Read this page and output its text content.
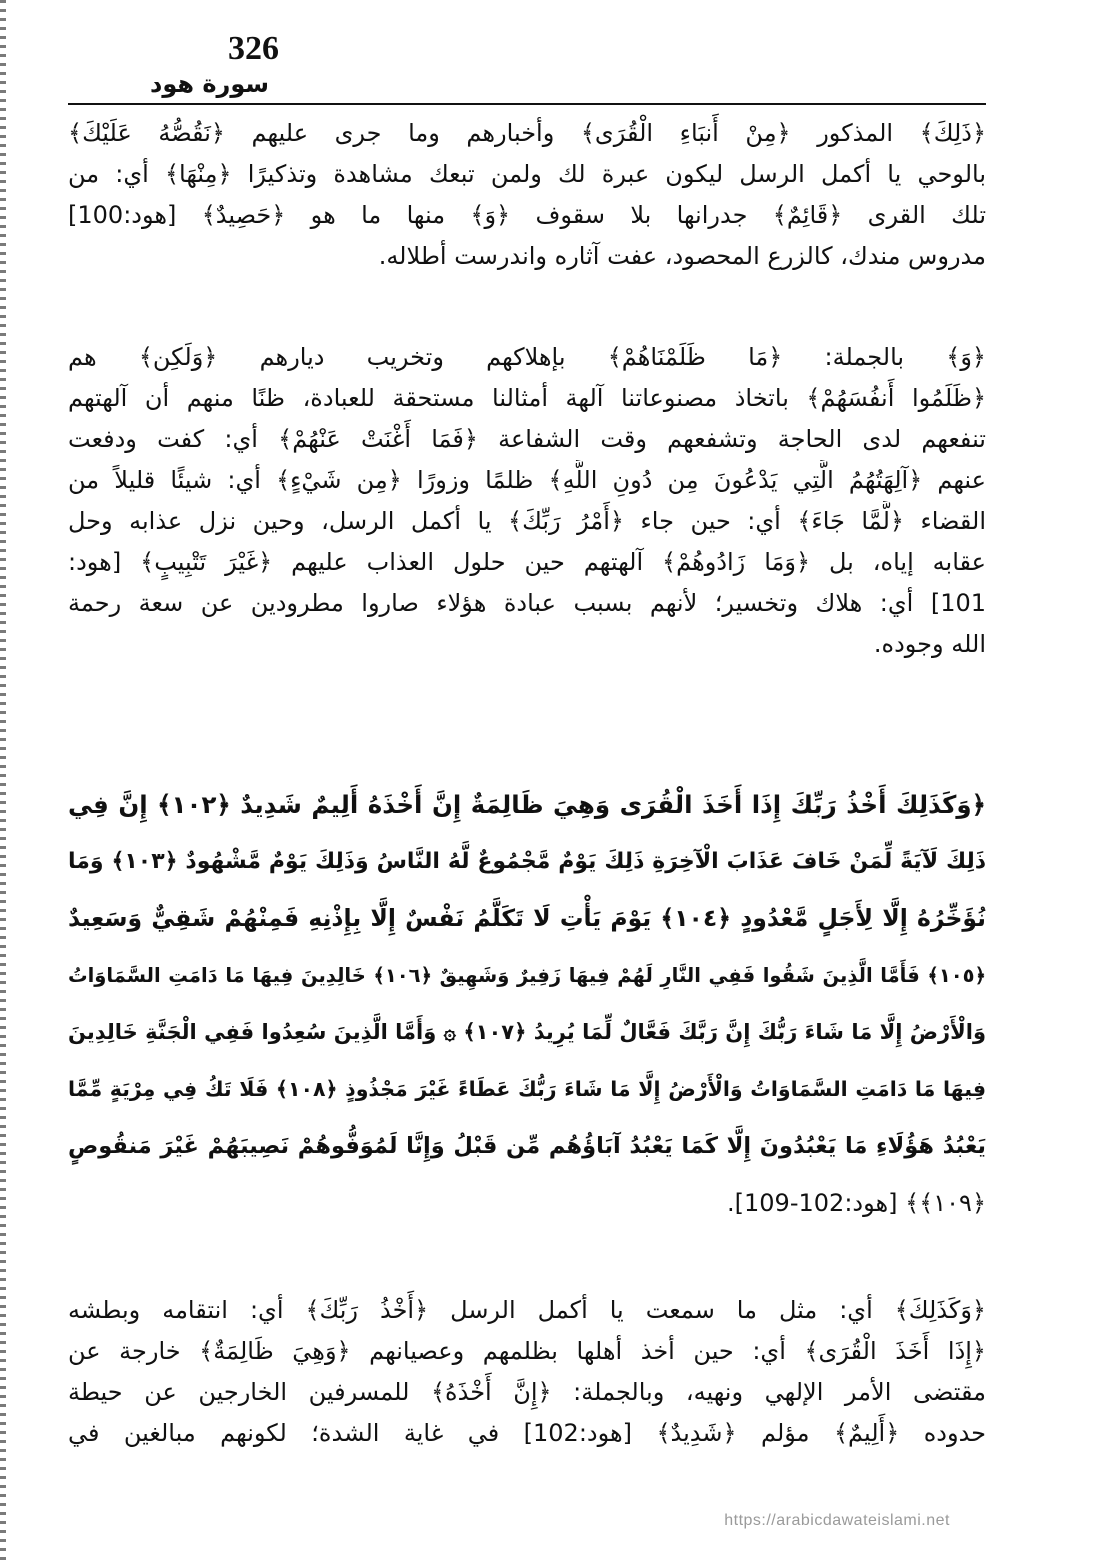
326
سورة هود
﴿ذَلِكَ﴾ المذكور ﴿مِنْ أَنبَاءِ الْقُرَى﴾ وأخبارهم وما جرى عليهم ﴿نَقُصُّهُ عَلَيْكَ﴾
بالوحي يا أكمل الرسل ليكون عبرة لك ولمن تبعك مشاهدة وتذكيرًا ﴿مِنْهَا﴾ أي: من
تلك القرى ﴿قَائِمٌ﴾ جدرانها بلا سقوف ﴿وَ﴾ منها ما هو ﴿حَصِيدٌ﴾ [هود:100]
مدروس مندك، كالزرع المحصود، عفت آثاره واندرست أطلاله.
﴿وَ﴾ بالجملة: ﴿مَا ظَلَمْنَاهُمْ﴾ بإهلاكهم وتخريب ديارهم ﴿وَلَكِن﴾ هم
﴿ظَلَمُوا أَنفُسَهُمْ﴾ باتخاذ مصنوعاتنا آلهة أمثالنا مستحقة للعبادة، ظنًا منهم أن آلهتهم
تنفعهم لدى الحاجة وتشفعهم وقت الشفاعة ﴿فَمَا أَغْنَتْ عَنْهُمْ﴾ أي: كفت ودفعت
عنهم ﴿آلِهَتُهُمُ الَّتِي يَدْعُونَ مِن دُونِ اللَّهِ﴾ ظلمًا وزورًا ﴿مِن شَيْءٍ﴾ أي: شيئًا قليلاً من
القضاء ﴿لَّمَّا جَاءَ﴾ أي: حين جاء ﴿أَمْرُ رَبِّكَ﴾ يا أكمل الرسل، وحين نزل عذابه وحل
عقابه إياه، بل ﴿وَمَا زَادُوهُمْ﴾ آلهتهم حين حلول العذاب عليهم ﴿غَيْرَ تَتْبِيبٍ﴾ [هود:
101] أي: هلاك وتخسير؛ لأنهم بسبب عبادة هؤلاء صاروا مطرودين عن سعة رحمة
الله وجوده.
﴿وَكَذَلِكَ أَخْذُ رَبِّكَ إِذَا أَخَذَ الْقُرَى وَهِيَ ظَالِمَةٌ إِنَّ أَخْذَهُ أَلِيمٌ شَدِيدٌ ﴿١٠٢﴾ إِنَّ فِي
ذَلِكَ لَآيَةً لِّمَنْ خَافَ عَذَابَ الْآخِرَةِ ذَلِكَ يَوْمٌ مَّجْمُوعٌ لَّهُ النَّاسُ وَذَلِكَ يَوْمٌ مَّشْهُودٌ ﴿١٠٣﴾ وَمَا
نُؤَخِّرُهُ إِلَّا لِأَجَلٍ مَّعْدُودٍ ﴿١٠٤﴾ يَوْمَ يَأْتِ لَا تَكَلَّمُ نَفْسٌ إِلَّا بِإِذْنِهِ فَمِنْهُمْ شَقِيٌّ وَسَعِيدٌ
﴿١٠٥﴾ فَأَمَّا الَّذِينَ شَقُوا فَفِي النَّارِ لَهُمْ فِيهَا زَفِيرٌ وَشَهِيقٌ ﴿١٠٦﴾ خَالِدِينَ فِيهَا مَا دَامَتِ السَّمَاوَاتُ
وَالْأَرْضُ إِلَّا مَا شَاءَ رَبُّكَ إِنَّ رَبَّكَ فَعَّالٌ لِّمَا يُرِيدُ ﴿١٠٧﴾ ۞ وَأَمَّا الَّذِينَ سُعِدُوا فَفِي الْجَنَّةِ خَالِدِينَ
فِيهَا مَا دَامَتِ السَّمَاوَاتُ وَالْأَرْضُ إِلَّا مَا شَاءَ رَبُّكَ عَطَاءً غَيْرَ مَجْذُوذٍ ﴿١٠٨﴾ فَلَا تَكُ فِي مِرْيَةٍ مِّمَّا
يَعْبُدُ هَؤُلَاءِ مَا يَعْبُدُونَ إِلَّا كَمَا يَعْبُدُ آبَاؤُهُم مِّن قَبْلُ وَإِنَّا لَمُوَفُّوهُمْ نَصِيبَهُمْ غَيْرَ مَنقُوصٍ
﴿١٠٩﴾﴾ [هود:102-109].
﴿وَكَذَلِكَ﴾ أي: مثل ما سمعت يا أكمل الرسل ﴿أَخْذُ رَبِّكَ﴾ أي: انتقامه وبطشه
﴿إِذَا أَخَذَ الْقُرَى﴾ أي: حين أخذ أهلها بظلمهم وعصيانهم ﴿وَهِيَ ظَالِمَةٌ﴾ خارجة عن
مقتضى الأمر الإلهي ونهيه، وبالجملة: ﴿إِنَّ أَخْذَهُ﴾ للمسرفين الخارجين عن حيطة
حدوده ﴿أَلِيمٌ﴾ مؤلم ﴿شَدِيدٌ﴾ [هود:102] في غاية الشدة؛ لكونهم مبالغين في
https://arabicdawateislami.net
